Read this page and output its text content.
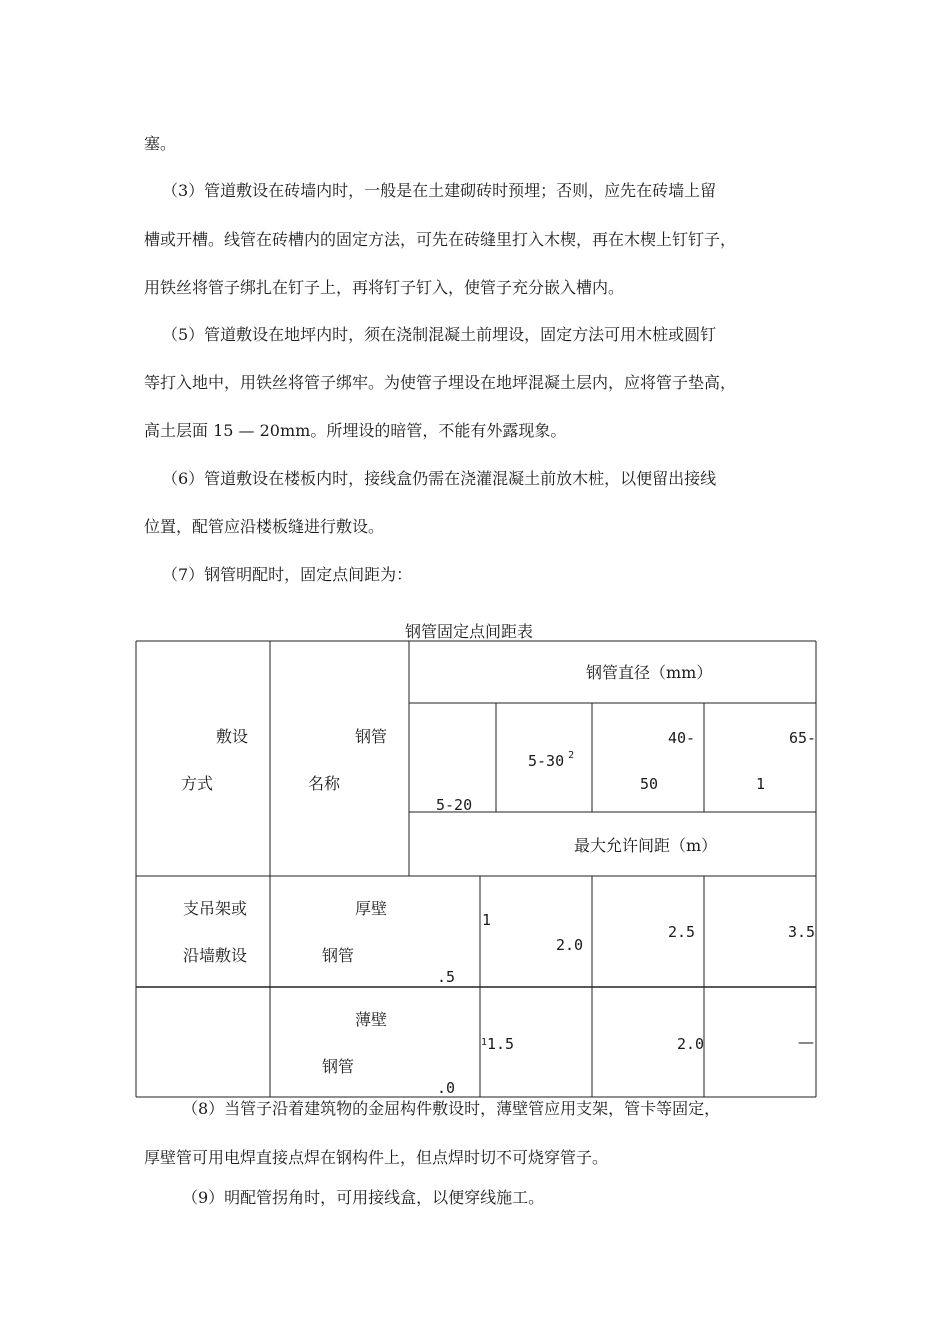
塞。
（3）管道敷设在砖墙内时，一般是在土建砌砖时预埋；否则，应先在砖墙上留
槽或开槽。线管在砖槽内的固定方法，可先在砖缝里打入木楔，再在木楔上钉钉子，
用铁丝将管子绑扎在钉子上，再将钉子钉入，使管子充分嵌入槽内。
（5）管道敷设在地坪内时，须在浇制混凝土前埋设，固定方法可用木桩或圆钉
等打入地中，用铁丝将管子绑牢。为使管子埋设在地坪混凝土层内，应将管子垫高，
高土层面 15 — 20mm。所埋设的暗管，不能有外露现象。
（6）管道敷设在楼板内时，接线盒仍需在浇灌混凝土前放木桩，以便留出接线
位置，配管应沿楼板缝进行敷设。
（7）钢管明配时，固定点间距为：
钢管固定点间距表
敷设
方式
钢管
名称
钢管直径（mm）
5-20
5-30 $^2$
40-
50
65-
1
最大允许间距（m）
支吊架或
沿墙敷设
厚壁
钢管
1
.5
2.0
2.5	3.5
薄壁
钢管
1 1.5
.0
2.0	—
（8）当管子沿着建筑物的金屈构件敷设时，薄壁管应用支架，管卡等固定，
厚壁管可用电焊直接点焊在钢构件上，但点焊时切不可烧穿管子。
（9）明配管拐角时，可用接线盒，以便穿线施工。
